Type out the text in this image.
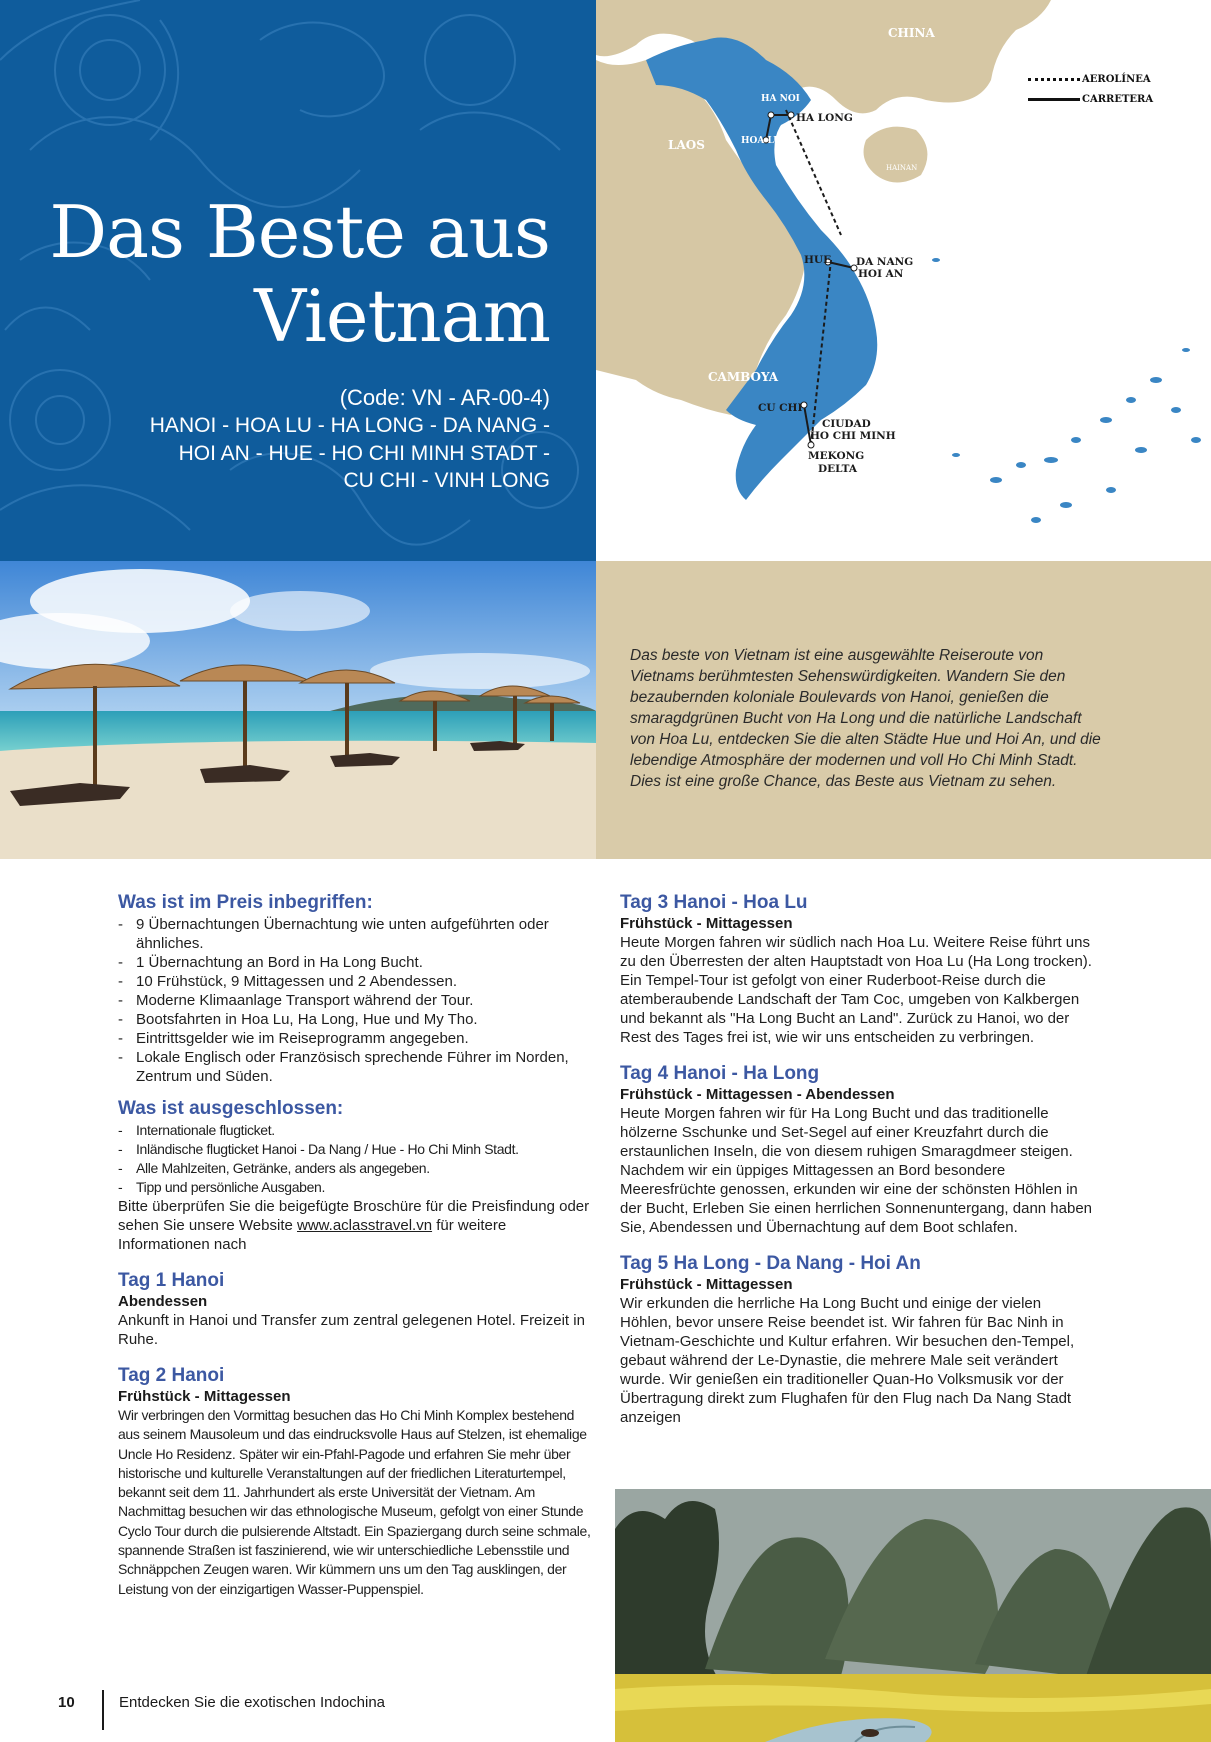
Das Beste aus
Vietnam
(Code: VN - AR-00-4)
HANOI - HOA LU - HA LONG - DA NANG -
HOI AN - HUE - HO CHI MINH STADT -
CU CHI - VINH LONG
CHINA
LAOS
HAINAN
CAMBOYA
HA NOI
HA LONG
HOA LU
HUE DA NANG
HOI AN
CU CHI
CIUDAD
HO CHI MINH
MEKONG
DELTA
AEROLÍNEA
CARRETERA

Das beste von Vietnam ist eine ausgewählte Reiseroute von Vietnams berühmtesten Sehenswürdigkeiten. Wandern Sie den bezaubernden koloniale Boulevards von Hanoi, genießen die smaragdgrünen Bucht von Ha Long und die natürliche Landschaft von Hoa Lu, entdecken Sie die alten Städte Hue und Hoi An, und die lebendige Atmosphäre der modernen und voll Ho Chi Minh Stadt. Dies ist eine große Chance, das Beste aus Vietnam zu sehen.

Was ist im Preis inbegriffen:
- 9 Übernachtungen Übernachtung wie unten aufgeführten oder ähnliches.
- 1 Übernachtung an Bord in Ha Long Bucht.
- 10 Frühstück, 9 Mittagessen und 2 Abendessen.
- Moderne Klimaanlage Transport während der Tour.
- Bootsfahrten in Hoa Lu, Ha Long, Hue und My Tho.
- Eintrittsgelder wie im Reiseprogramm angegeben.
- Lokale Englisch oder Französisch sprechende Führer im Norden, Zentrum und Süden.
Was ist ausgeschlossen:
- Internationale flugticket.
- Inländische flugticket Hanoi - Da Nang / Hue - Ho Chi Minh Stadt.
- Alle Mahlzeiten, Getränke, anders als angegeben.
- Tipp und persönliche Ausgaben.
Bitte überprüfen Sie die beigefügte Broschüre für die Preisfindung oder sehen Sie unsere Website www.aclasstravel.vn für weitere Informationen nach
Tag 1 Hanoi
Abendessen
Ankunft in Hanoi und Transfer zum zentral gelegenen Hotel. Freizeit in Ruhe.
Tag 2 Hanoi
Frühstück - Mittagessen
Wir verbringen den Vormittag besuchen das Ho Chi Minh Komplex bestehend aus seinem Mausoleum und das eindrucksvolle Haus auf Stelzen, ist ehemalige Uncle Ho Residenz. Später wir ein-Pfahl-Pagode und erfahren Sie mehr über historische und kulturelle Veranstaltungen auf der friedlichen Literaturtempel, bekannt seit dem 11. Jahrhundert als erste Universität der Vietnam. Am Nachmittag besuchen wir das ethnologische Museum, gefolgt von einer Stunde Cyclo Tour durch die pulsierende Altstadt. Ein Spaziergang durch seine schmale, spannende Straßen ist faszinierend, wie wir unterschiedliche Lebensstile und Schnäppchen Zeugen waren. Wir kümmern uns um den Tag ausklingen, der Leistung von der einzigartigen Wasser-Puppenspiel.
Tag 3 Hanoi - Hoa Lu
Frühstück - Mittagessen
Heute Morgen fahren wir südlich nach Hoa Lu. Weitere Reise führt uns zu den Überresten der alten Hauptstadt von Hoa Lu (Ha Long trocken). Ein Tempel-Tour ist gefolgt von einer Ruderboot-Reise durch die atemberaubende Landschaft der Tam Coc, umgeben von Kalkbergen und bekannt als "Ha Long Bucht an Land". Zurück zu Hanoi, wo der Rest des Tages frei ist, wie wir uns entscheiden zu verbringen.
Tag 4 Hanoi - Ha Long
Frühstück - Mittagessen - Abendessen
Heute Morgen fahren wir für Ha Long Bucht und das traditionelle hölzerne Sschunke und Set-Segel auf einer Kreuzfahrt durch die erstaunlichen Inseln, die von diesem ruhigen Smaragdmeer steigen. Nachdem wir ein üppiges Mittagessen an Bord besondere Meeresfrüchte genossen, erkunden wir eine der schönsten Höhlen in der Bucht, Erleben Sie einen herrlichen Sonnenuntergang, dann haben Sie, Abendessen und Übernachtung auf dem Boot schlafen.
Tag 5 Ha Long - Da Nang - Hoi An
Frühstück - Mittagessen
Wir erkunden die herrliche Ha Long Bucht und einige der vielen Höhlen, bevor unsere Reise beendet ist. Wir fahren für Bac Ninh in Vietnam-Geschichte und Kultur erfahren. Wir besuchen den-Tempel, gebaut während der Le-Dynastie, die mehrere Male seit verändert wurde. Wir genießen ein traditioneller Quan-Ho Volksmusik vor der Übertragung direkt zum Flughafen für den Flug nach Da Nang Stadt anzeigen
10	Entdecken Sie die exotischen Indochina
